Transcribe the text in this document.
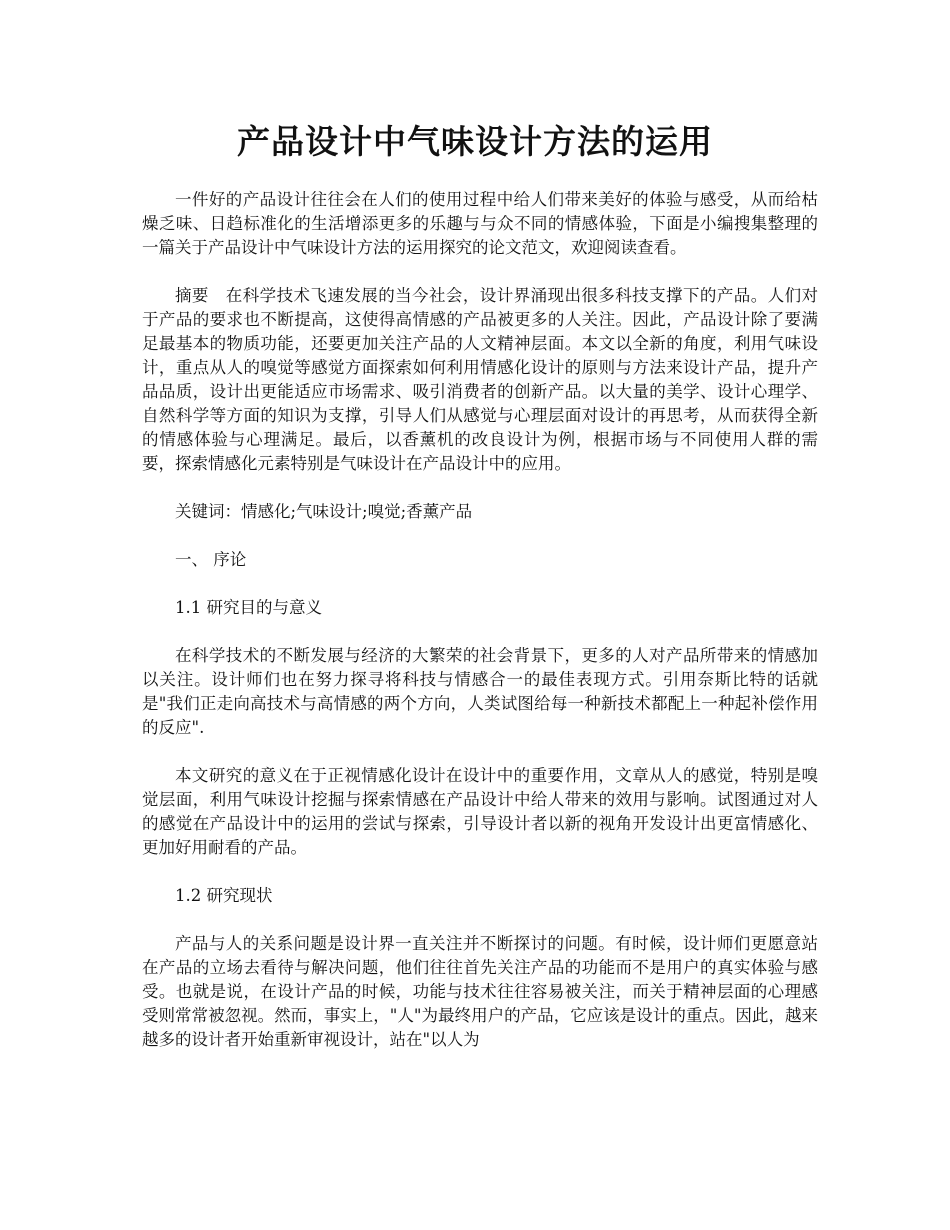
产品设计中气味设计方法的运用

一件好的产品设计往往会在人们的使用过程中给人们带来美好的体验与感受，从而给枯燥乏味、日趋标准化的生活增添更多的乐趣与与众不同的情感体验，下面是小编搜集整理的一篇关于产品设计中气味设计方法的运用探究的论文范文，欢迎阅读查看。

摘要　在科学技术飞速发展的当今社会，设计界涌现出很多科技支撑下的产品。人们对于产品的要求也不断提高，这使得高情感的产品被更多的人关注。因此，产品设计除了要满足最基本的物质功能，还要更加关注产品的人文精神层面。本文以全新的角度，利用气味设计，重点从人的嗅觉等感觉方面探索如何利用情感化设计的原则与方法来设计产品，提升产品品质，设计出更能适应市场需求、吸引消费者的创新产品。以大量的美学、设计心理学、自然科学等方面的知识为支撑，引导人们从感觉与心理层面对设计的再思考，从而获得全新的情感体验与心理满足。最后，以香薰机的改良设计为例，根据市场与不同使用人群的需要，探索情感化元素特别是气味设计在产品设计中的应用。

关键词：情感化;气味设计;嗅觉;香薰产品

一、 序论

1.1 研究目的与意义

在科学技术的不断发展与经济的大繁荣的社会背景下，更多的人对产品所带来的情感加以关注。设计师们也在努力探寻将科技与情感合一的最佳表现方式。引用奈斯比特的话就是"我们正走向高技术与高情感的两个方向，人类试图给每一种新技术都配上一种起补偿作用的反应".

本文研究的意义在于正视情感化设计在设计中的重要作用，文章从人的感觉，特别是嗅觉层面，利用气味设计挖掘与探索情感在产品设计中给人带来的效用与影响。试图通过对人的感觉在产品设计中的运用的尝试与探索，引导设计者以新的视角开发设计出更富情感化、更加好用耐看的产品。

1.2 研究现状

产品与人的关系问题是设计界一直关注并不断探讨的问题。有时候，设计师们更愿意站在产品的立场去看待与解决问题，他们往往首先关注产品的功能而不是用户的真实体验与感受。也就是说，在设计产品的时候，功能与技术往往容易被关注，而关于精神层面的心理感受则常常被忽视。然而，事实上，"人"为最终用户的产品，它应该是设计的重点。因此，越来越多的设计者开始重新审视设计，站在"以人为
